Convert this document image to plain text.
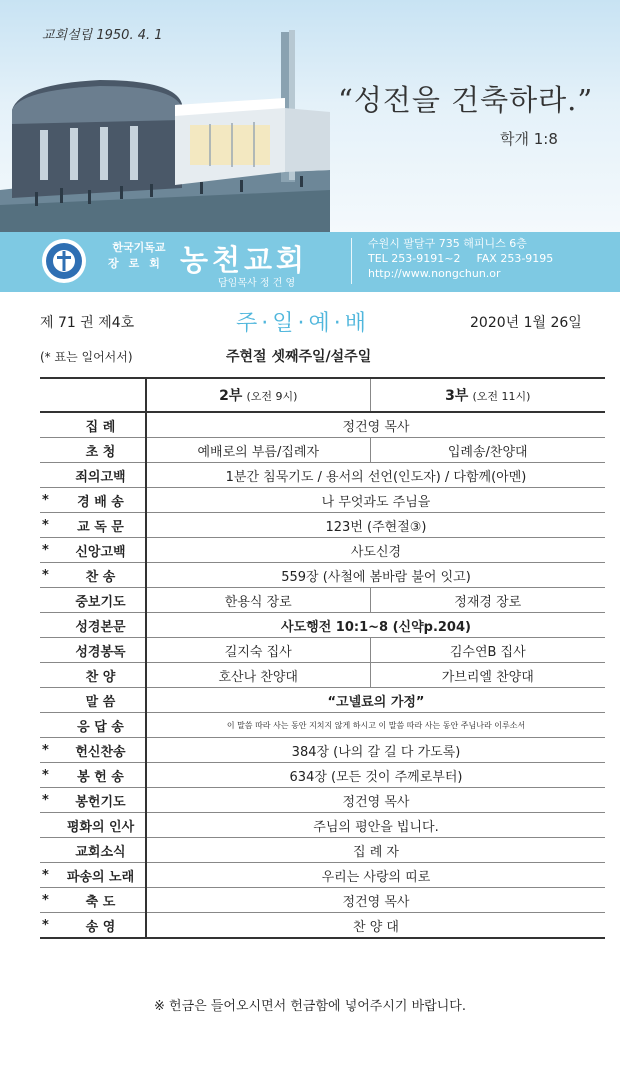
교회설립 1950. 4. 1
“성전을 건축하라.”
학개 1:8
한국기독교
장로회 농천교회
담임목사 정 건 영
수원시 팔달구 735 해피니스 6층
TEL 253-9191~2 FAX 253-9195
http://www.nongchun.or
제 71 권 제4호	주·일·예·배	2020년 1월 26일
(* 표는 일어서서)	주현절 셋째주일/설주일
		2부 (오전 9시)	3부 (오전 11시)
	집 례	정건영 목사	
	초 청	예배로의 부름/집례자	입례송/찬양대
	죄의고백	1분간 침묵기도 / 용서의 선언(인도자) / 다함께(아멘)	
*	경 배 송	나 무엇과도 주님을	
*	교 독 문	123번 (주현절③)	
*	신앙고백	사도신경	
*	찬 송	559장 (사철에 봄바람 불어 잇고)	
	중보기도	한용식 장로	정재경 장로
	성경본문	사도행전 10:1~8 (신약p.204)	
	성경봉독	길지숙 집사	김수연B 집사
	찬 양	호산나 찬양대	가브리엘 찬양대
	말 씀	“고넬료의 가정”	
	응 답 송	이 말씀 따라 사는 동안 지치지 않게 하시고 이 말씀 따라 사는 동안 주님나라 이루소서	
*	헌신찬송	384장 (나의 갈 길 다 가도록)	
*	봉 헌 송	634장 (모든 것이 주께로부터)	
*	봉헌기도	정건영 목사	
	평화의 인사	주님의 평안을 빕니다.	
	교회소식	집 례 자	
*	파송의 노래	우리는 사랑의 띠로	
*	축 도	정건영 목사	
*	송 영	찬 양 대	
※ 헌금은 들어오시면서 헌금함에 넣어주시기 바랍니다.
